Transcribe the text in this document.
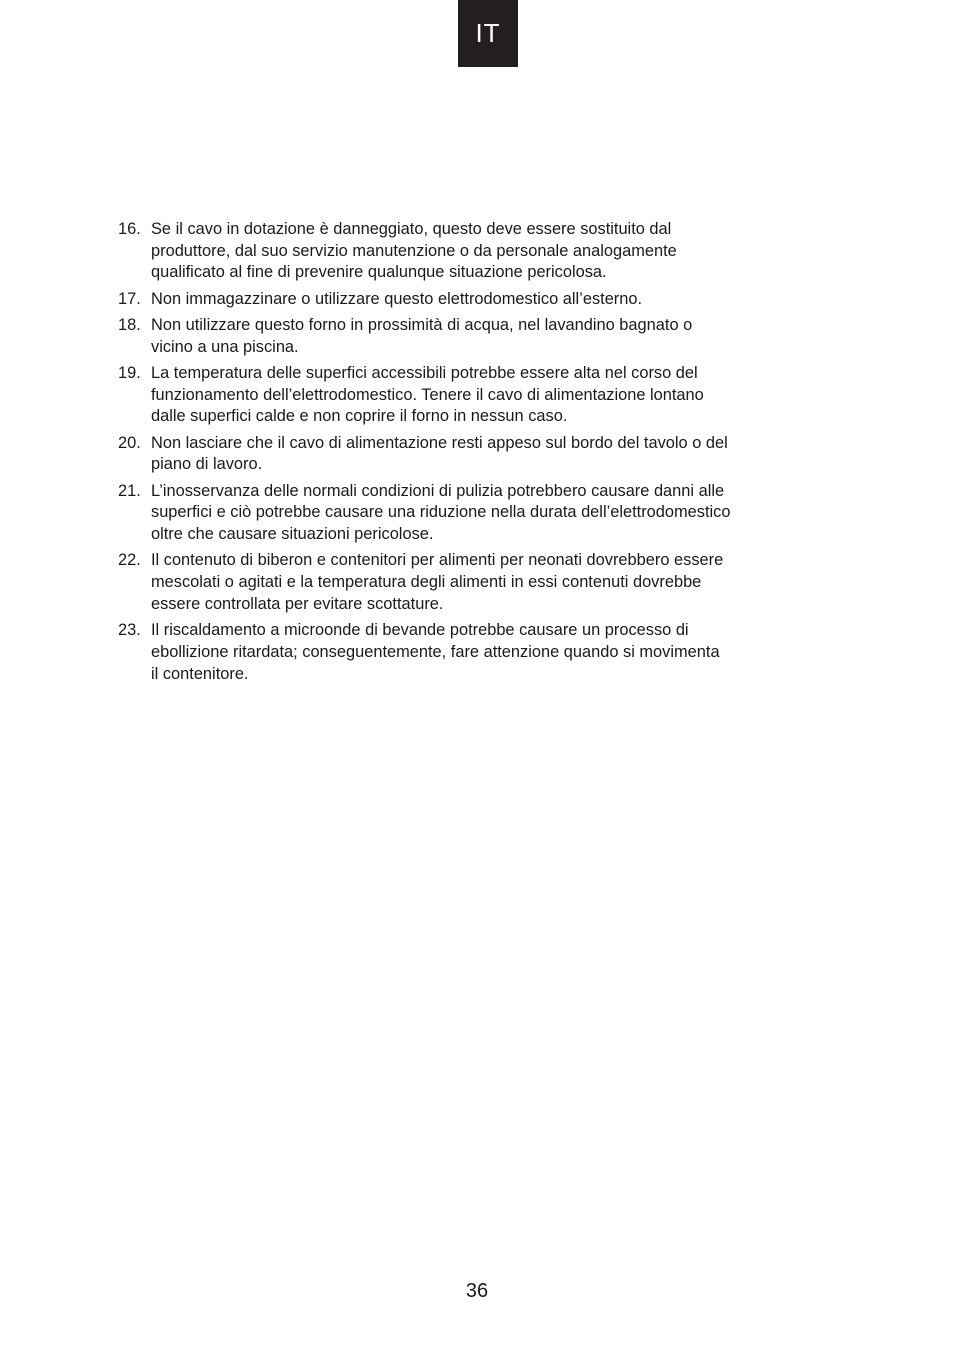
IT
16. Se il cavo in dotazione è danneggiato, questo deve essere sostituito dal
produttore, dal suo servizio manutenzione o da personale analogamente
qualificato al fine di prevenire qualunque situazione pericolosa.
17. Non immagazzinare o utilizzare questo elettrodomestico all’esterno.
18. Non utilizzare questo forno in prossimità di acqua, nel lavandino bagnato o
vicino a una piscina.
19. La temperatura delle superfici accessibili potrebbe essere alta nel corso del
funzionamento dell’elettrodomestico. Tenere il cavo di alimentazione lontano
dalle superfici calde e non coprire il forno in nessun caso.
20. Non lasciare che il cavo di alimentazione resti appeso sul bordo del tavolo o del
piano di lavoro.
21. L’inosservanza delle normali condizioni di pulizia potrebbero causare danni alle
superfici e ciò potrebbe causare una riduzione nella durata dell’elettrodomestico
oltre che causare situazioni pericolose.
22. Il contenuto di biberon e contenitori per alimenti per neonati dovrebbero essere
mescolati o agitati e la temperatura degli alimenti in essi contenuti dovrebbe
essere controllata per evitare scottature.
23. Il riscaldamento a microonde di bevande potrebbe causare un processo di
ebollizione ritardata; conseguentemente, fare attenzione quando si movimenta
il contenitore.
36
